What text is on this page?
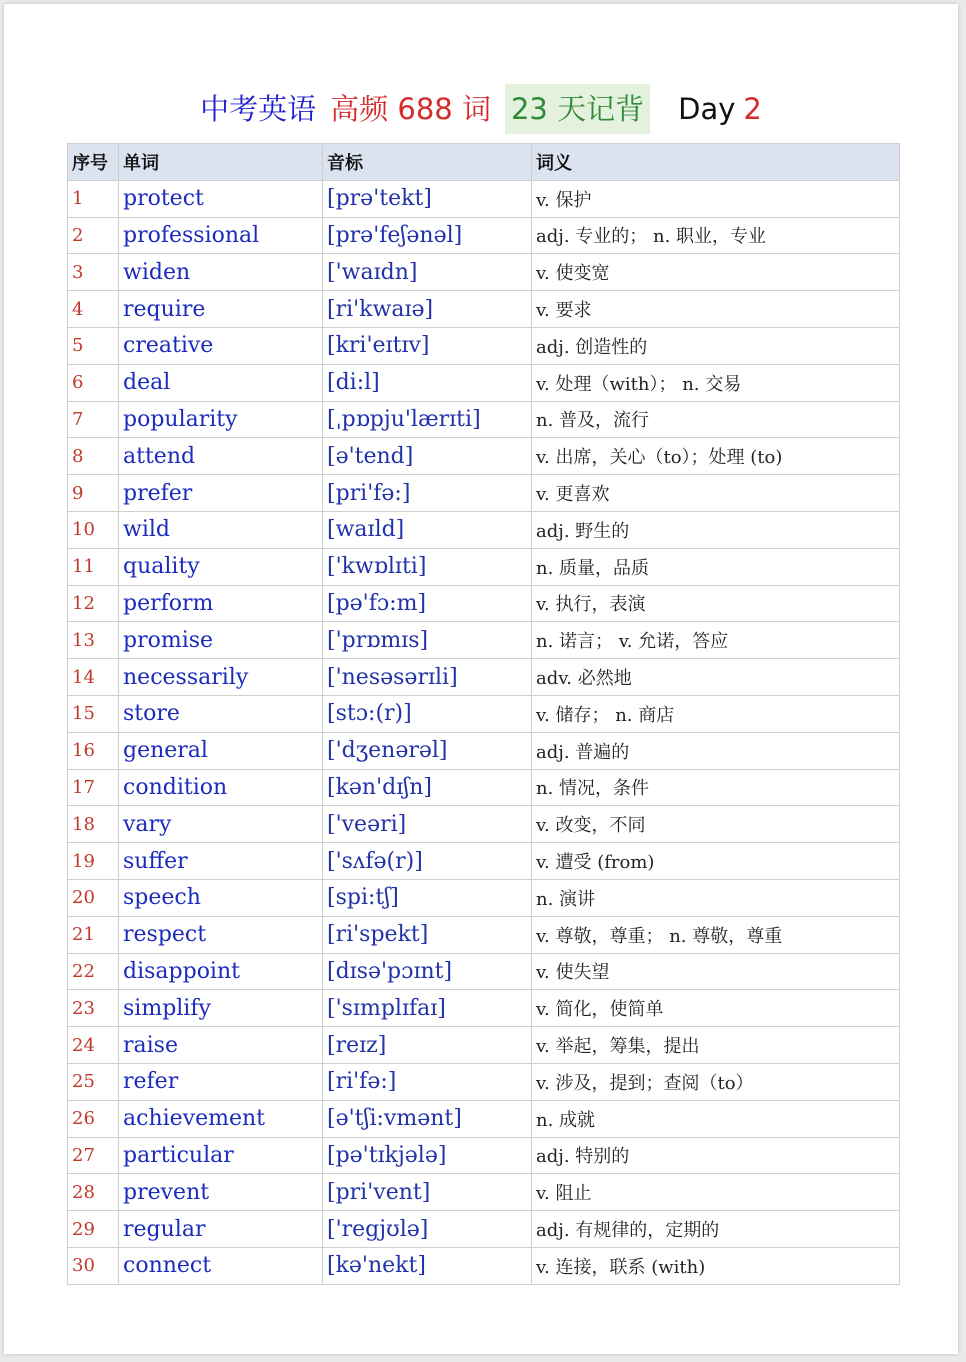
中考英语 高频 688 词 23 天记背 Day 2
序号	单词	音标	词义
1	protect	[prə'tekt]	v. 保护
2	professional	[prə'feʃənəl]	adj. 专业的； n. 职业，专业
3	widen	['waɪdn]	v. 使变宽
4	require	[ri'kwaɪə]	v. 要求
5	creative	[kri'eɪtɪv]	adj. 创造性的
6	deal	[di:l]	v. 处理（with）； n. 交易
7	popularity	[ˌpɒpju'lærɪti]	n. 普及，流行
8	attend	[ə'tend]	v. 出席，关心（to）；处理 (to)
9	prefer	[pri'fə:]	v. 更喜欢
10	wild	[waɪld]	adj. 野生的
11	quality	['kwɒlɪti]	n. 质量，品质
12	perform	[pə'fɔ:m]	v. 执行，表演
13	promise	['prɒmɪs]	n. 诺言； v. 允诺，答应
14	necessarily	['nesəsərɪli]	adv. 必然地
15	store	[stɔ:(r)]	v. 储存； n. 商店
16	general	['dʒenərəl]	adj. 普遍的
17	condition	[kən'dɪʃn]	n. 情况，条件
18	vary	['veəri]	v. 改变，不同
19	suffer	['sʌfə(r)]	v. 遭受 (from)
20	speech	[spi:tʃ]	n. 演讲
21	respect	[ri'spekt]	v. 尊敬，尊重； n. 尊敬，尊重
22	disappoint	[dɪsə'pɔɪnt]	v. 使失望
23	simplify	['sɪmplɪfaɪ]	v. 简化，使简单
24	raise	[reɪz]	v. 举起，筹集，提出
25	refer	[ri'fə:]	v. 涉及，提到；查阅（to）
26	achievement	[ə'tʃi:vmənt]	n. 成就
27	particular	[pə'tɪkjələ]	adj. 特别的
28	prevent	[pri'vent]	v. 阻止
29	regular	['regjʊlə]	adj. 有规律的，定期的
30	connect	[kə'nekt]	v. 连接，联系 (with)
